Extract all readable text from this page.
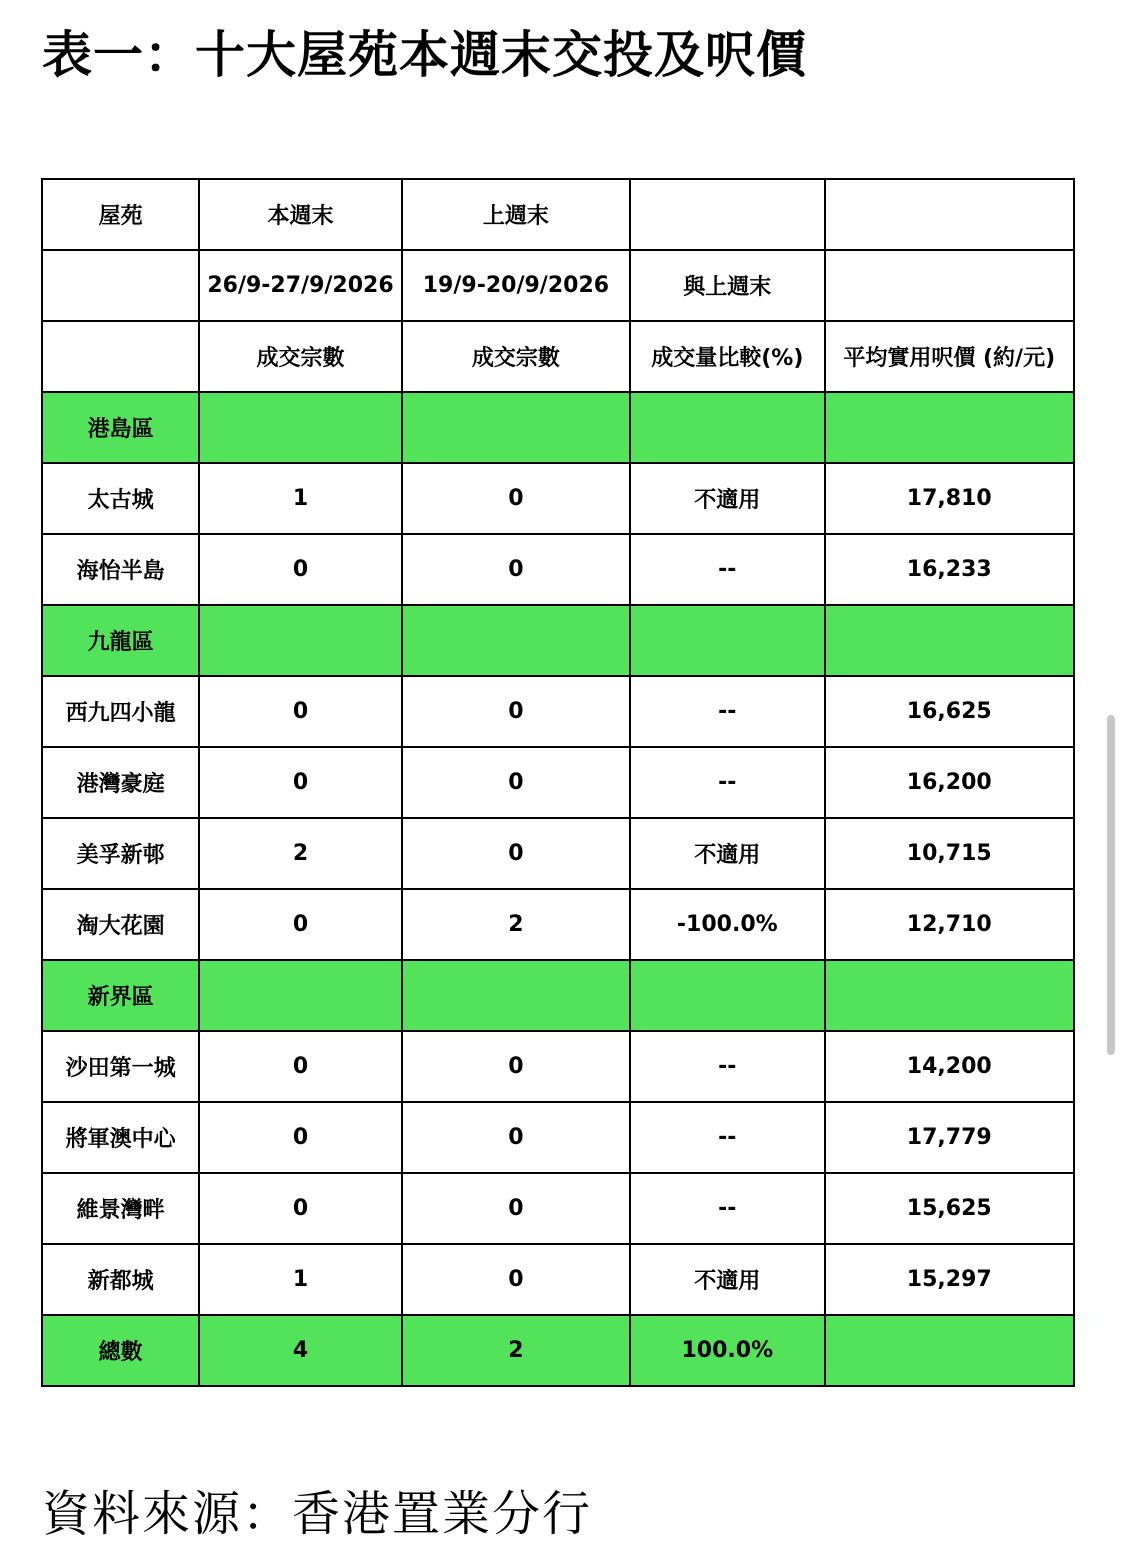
表一：十大屋苑本週末交投及呎價
屋苑	本週末	上週末		
	26/9-27/9/2026	19/9-20/9/2026	與上週末	
	成交宗數	成交宗數	成交量比較(%)	平均實用呎價 (約/元)
港島區				
太古城	1	0	不適用	17,810
海怡半島	0	0	--	16,233
九龍區				
西九四小龍	0	0	--	16,625
港灣豪庭	0	0	--	16,200
美孚新邨	2	0	不適用	10,715
淘大花園	0	2	-100.0%	12,710
新界區				
沙田第一城	0	0	--	14,200
將軍澳中心	0	0	--	17,779
維景灣畔	0	0	--	15,625
新都城	1	0	不適用	15,297
總數	4	2	100.0%	
資料來源：香港置業分行
